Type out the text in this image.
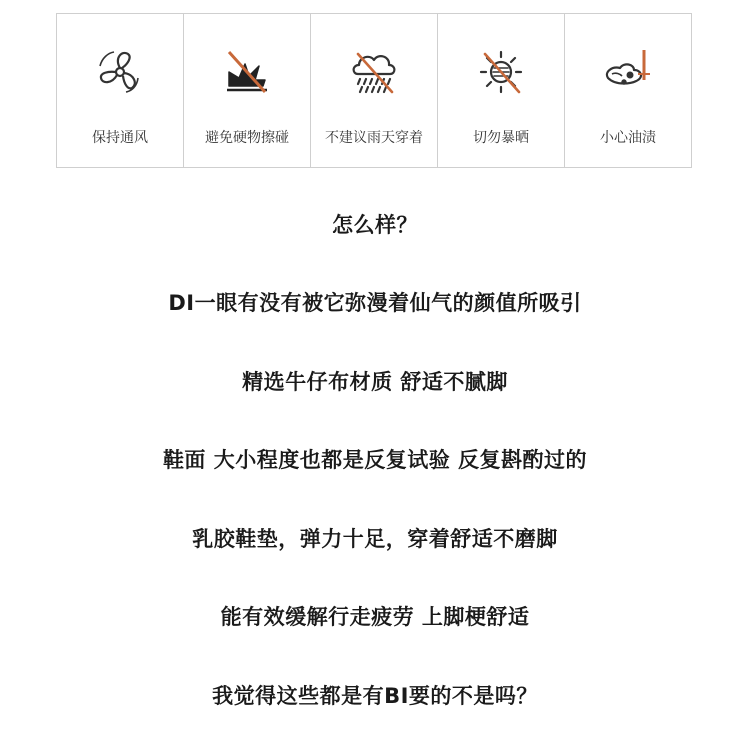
保持通风	避免硬物擦碰	不建议雨天穿着	切勿暴晒	小心油渍
怎么样？
DI一眼有没有被它弥漫着仙气的颜值所吸引
精选牛仔布材质 舒适不腻脚
鞋面 大小程度也都是反复试验 反复斟酌过的
乳胶鞋垫，弹力十足，穿着舒适不磨脚
能有效缓解行走疲劳 上脚梗舒适
我觉得这些都是有BI要的不是吗？
